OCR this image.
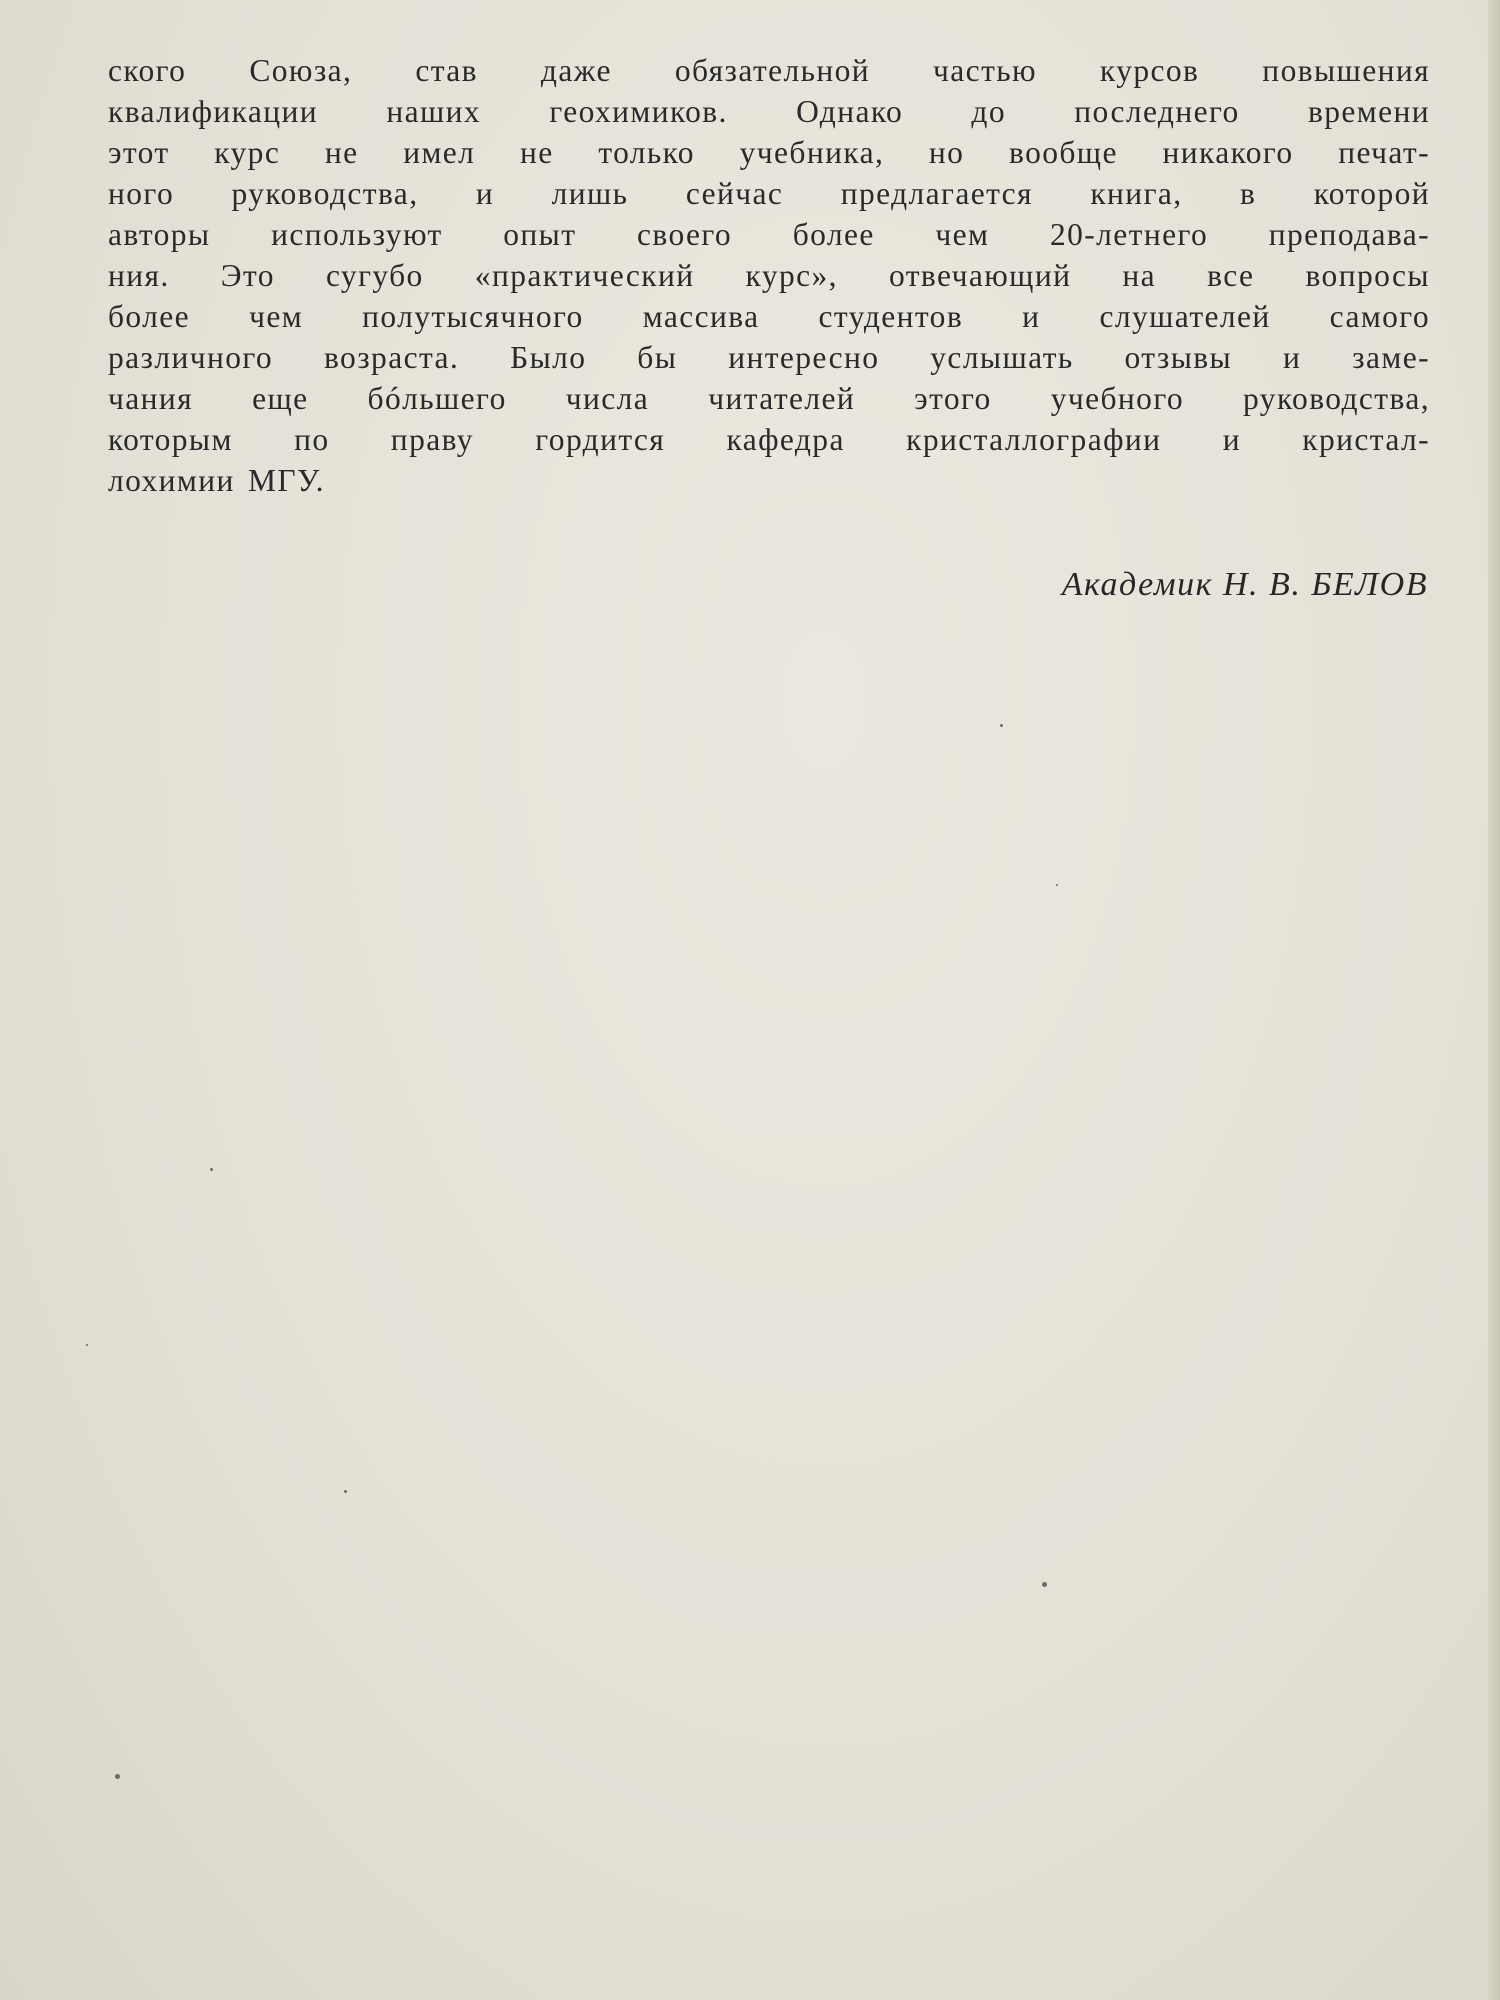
ского Союза, став даже обязательной частью курсов повышения
квалификации наших геохимиков. Однако до последнего времени
этот курс не имел не только учебника, но вообще никакого печат-
ного руководства, и лишь сейчас предлагается книга, в которой
авторы используют опыт своего более чем 20-летнего преподава-
ния. Это сугубо «практический курс», отвечающий на все вопросы
более чем полутысячного массива студентов и слушателей самого
различного возраста. Было бы интересно услышать отзывы и заме-
чания еще бóльшего числа читателей этого учебного руководства,
которым по праву гордится кафедра кристаллографии и кристал-
лохимии МГУ.
Академик Н. В. БЕЛОВ
